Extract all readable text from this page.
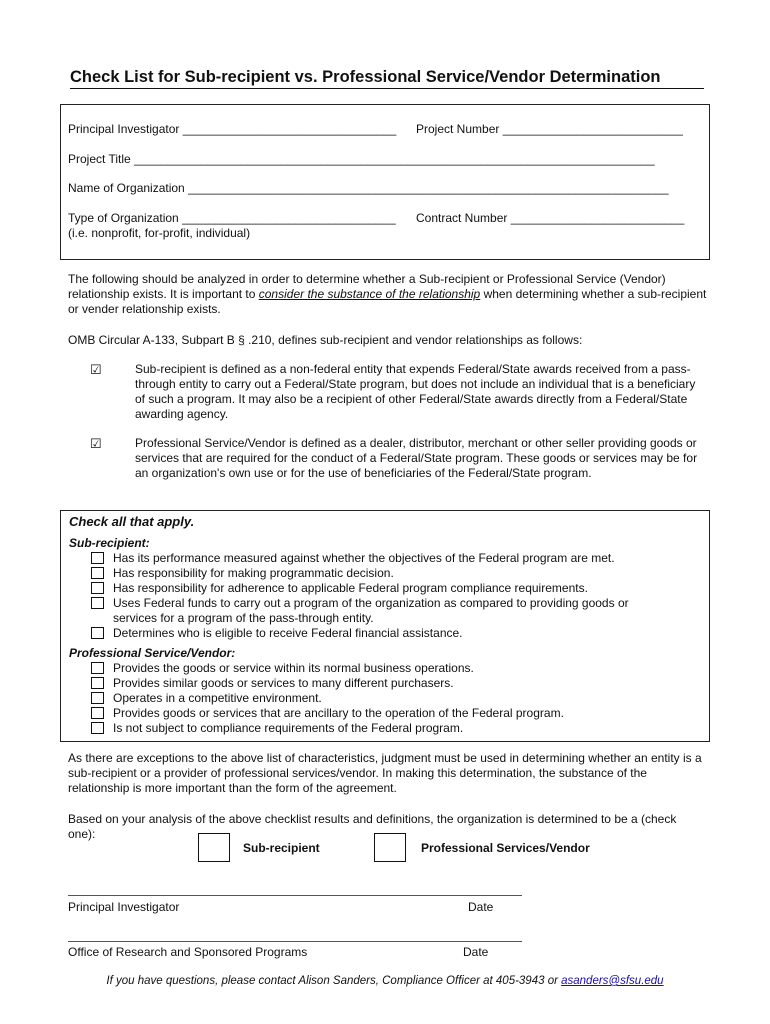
Check List for Sub-recipient vs. Professional Service/Vendor Determination
Principal Investigator ________________________________ Project Number ___________________________
Project Title ______________________________________________________________________________
Name of Organization ________________________________________________________________________
Type of Organization ________________________________ Contract Number __________________________
(i.e. nonprofit, for-profit, individual)
The following should be analyzed in order to determine whether a Sub-recipient or Professional Service (Vendor) relationship exists. It is important to consider the substance of the relationship when determining whether a sub-recipient or vender relationship exists.
OMB Circular A-133, Subpart B § .210, defines sub-recipient and vendor relationships as follows:
☑	Sub-recipient is defined as a non-federal entity that expends Federal/State awards received from a pass-through entity to carry out a Federal/State program, but does not include an individual that is a beneficiary of such a program. It may also be a recipient of other Federal/State awards directly from a Federal/State awarding agency.
☑	Professional Service/Vendor is defined as a dealer, distributor, merchant or other seller providing goods or services that are required for the conduct of a Federal/State program. These goods or services may be for an organization's own use or for the use of beneficiaries of the Federal/State program.
Check all that apply.
Sub-recipient:
Has its performance measured against whether the objectives of the Federal program are met.
Has responsibility for making programmatic decision.
Has responsibility for adherence to applicable Federal program compliance requirements.
Uses Federal funds to carry out a program of the organization as compared to providing goods or services for a program of the pass-through entity.
Determines who is eligible to receive Federal financial assistance.
Professional Service/Vendor:
Provides the goods or service within its normal business operations.
Provides similar goods or services to many different purchasers.
Operates in a competitive environment.
Provides goods or services that are ancillary to the operation of the Federal program.
Is not subject to compliance requirements of the Federal program.
As there are exceptions to the above list of characteristics, judgment must be used in determining whether an entity is a sub-recipient or a provider of professional services/vendor. In making this determination, the substance of the relationship is more important than the form of the agreement.
Based on your analysis of the above checklist results and definitions, the organization is determined to be a (check one):
Sub-recipient	Professional Services/Vendor
Principal Investigator	Date
Office of Research and Sponsored Programs	Date
If you have questions, please contact Alison Sanders, Compliance Officer at 405-3943 or asanders@sfsu.edu
